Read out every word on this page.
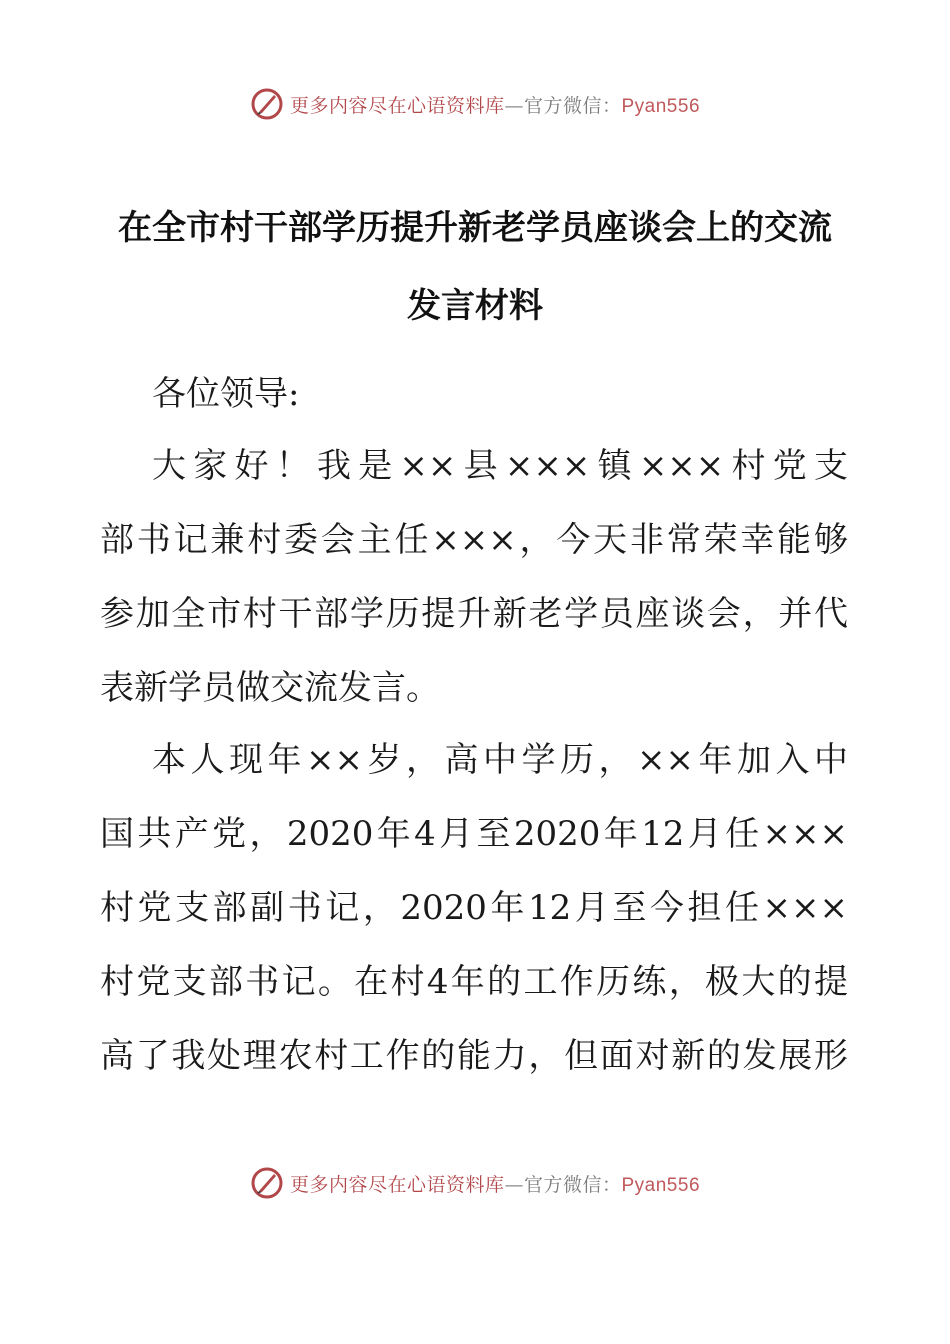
更多内容尽在心语资料库—官方微信：Pyan556
在全市村干部学历提升新老学员座谈会上的交流
发言材料
各位领导:
大家好！我是××县×××镇×××村党支
部书记兼村委会主任×××，今天非常荣幸能够
参加全市村干部学历提升新老学员座谈会，并代
表新学员做交流发言。
本人现年××岁，高中学历，××年加入中
国共产党，2020年4月至2020年12月任×××
村党支部副书记，2020年12月至今担任×××
村党支部书记。在村4年的工作历练，极大的提
高了我处理农村工作的能力，但面对新的发展形
更多内容尽在心语资料库—官方微信：Pyan556
